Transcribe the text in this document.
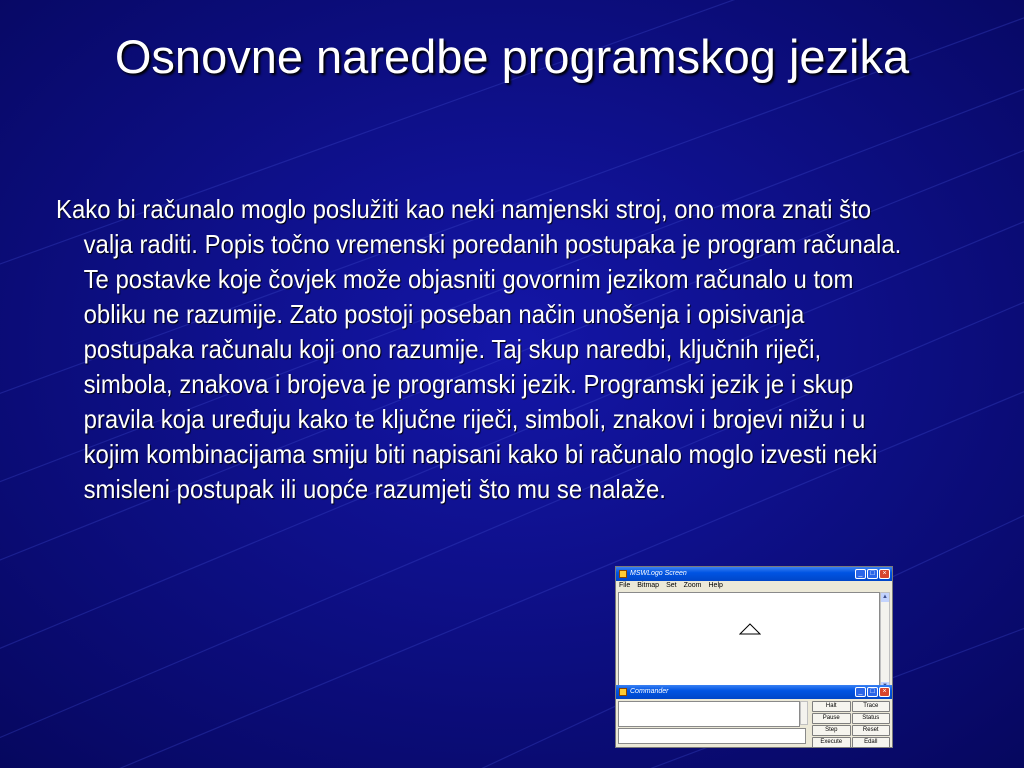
Osnovne naredbe programskog jezika
Kako bi računalo moglo poslužiti kao neki namjenski stroj, ono mora znati što valja raditi. Popis točno vremenski poredanih postupaka je program računala. Te postavke koje čovjek može objasniti govornim jezikom računalo u tom obliku ne razumije. Zato postoji poseban način unošenja i opisivanja postupaka računalu koji ono razumije. Taj skup naredbi, ključnih riječi, simbola, znakova i brojeva je programski jezik. Programski jezik je i skup pravila koja uređuju kako te ključne riječi, simboli, znakovi i brojevi nižu i u kojim kombinacijama smiju biti napisani kako bi računalo moglo izvesti neki smisleni postupak ili uopće razumjeti što mu se nalaže.
MSWLogo Screen	_	□	×
File Bitmap Set Zoom Help
▲
Commander	_	□	×
Halt	Trace
Pause	Status
Step	Reset
Execute	Edall
